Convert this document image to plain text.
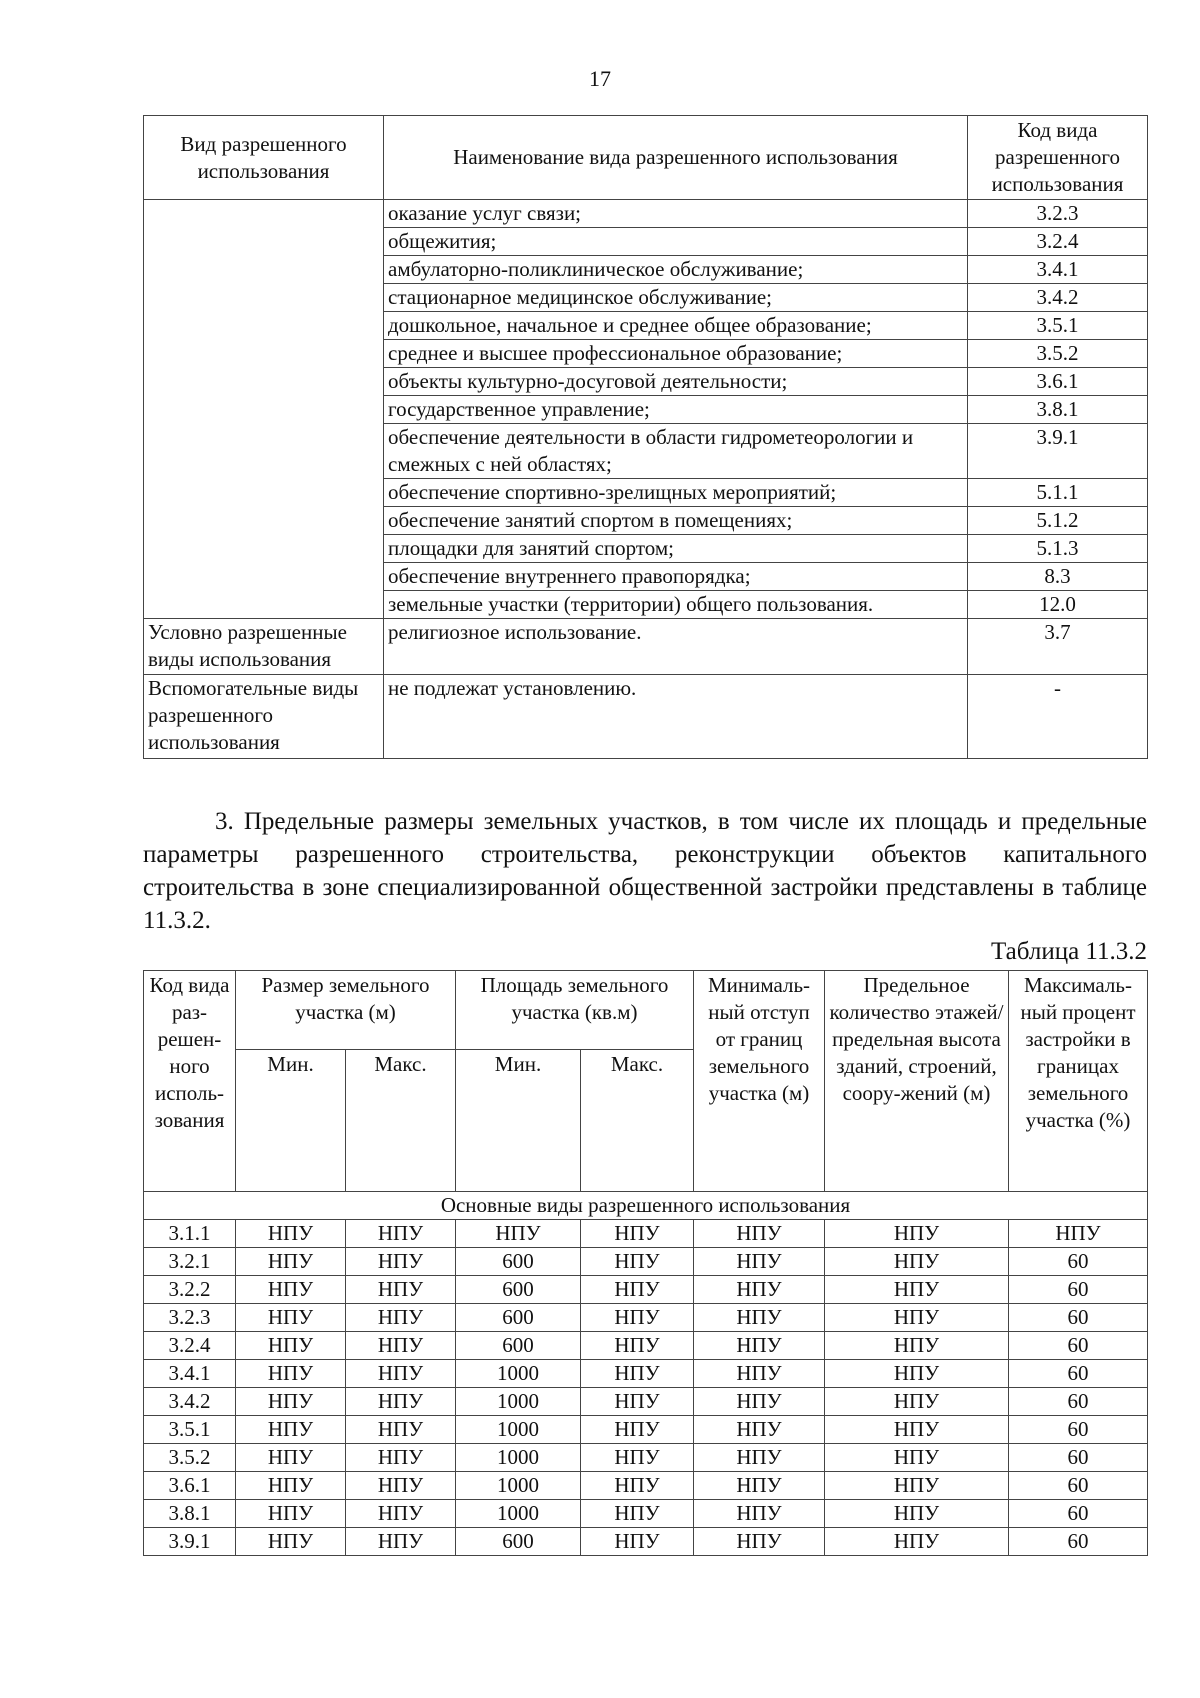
17
Вид разрешенного использования	Наименование вида разрешенного использования	Код вида разрешенного использования
	оказание услуг связи;	3.2.3
	общежития;	3.2.4
	амбулаторно-поликлиническое обслуживание;	3.4.1
	стационарное медицинское обслуживание;	3.4.2
	дошкольное, начальное и среднее общее образование;	3.5.1
	среднее и высшее профессиональное образование;	3.5.2
	объекты культурно-досуговой деятельности;	3.6.1
	государственное управление;	3.8.1
	обеспечение деятельности в области гидрометеорологии и смежных с ней областях;	3.9.1
	обеспечение спортивно-зрелищных мероприятий;	5.1.1
	обеспечение занятий спортом в помещениях;	5.1.2
	площадки для занятий спортом;	5.1.3
	обеспечение внутреннего правопорядка;	8.3
	земельные участки (территории) общего пользования.	12.0
Условно разрешенные виды использования	религиозное использование.	3.7
Вспомогательные виды разрешенного использования	не подлежат установлению.	-

3. Предельные размеры земельных участков, в том числе их площадь и предельные параметры разрешенного строительства, реконструкции объектов капитального строительства в зоне специализированной общественной застройки представлены в таблице 11.3.2.

Таблица 11.3.2
Код вида раз-решен-ного исполь-зования	Размер земельного участка (м)		Площадь земельного участка (кв.м)		Минималь-ный отступ от границ земельного участка (м)	Предельное количество этажей/ предельная высота зданий, строений, соору-жений (м)	Максималь-ный процент застройки в границах земельного участка (%)
	Мин.	Макс.	Мин.	Макс.			
Основные виды разрешенного использования							
3.1.1	НПУ	НПУ	НПУ	НПУ	НПУ	НПУ	НПУ
3.2.1	НПУ	НПУ	600	НПУ	НПУ	НПУ	60
3.2.2	НПУ	НПУ	600	НПУ	НПУ	НПУ	60
3.2.3	НПУ	НПУ	600	НПУ	НПУ	НПУ	60
3.2.4	НПУ	НПУ	600	НПУ	НПУ	НПУ	60
3.4.1	НПУ	НПУ	1000	НПУ	НПУ	НПУ	60
3.4.2	НПУ	НПУ	1000	НПУ	НПУ	НПУ	60
3.5.1	НПУ	НПУ	1000	НПУ	НПУ	НПУ	60
3.5.2	НПУ	НПУ	1000	НПУ	НПУ	НПУ	60
3.6.1	НПУ	НПУ	1000	НПУ	НПУ	НПУ	60
3.8.1	НПУ	НПУ	1000	НПУ	НПУ	НПУ	60
3.9.1	НПУ	НПУ	600	НПУ	НПУ	НПУ	60
